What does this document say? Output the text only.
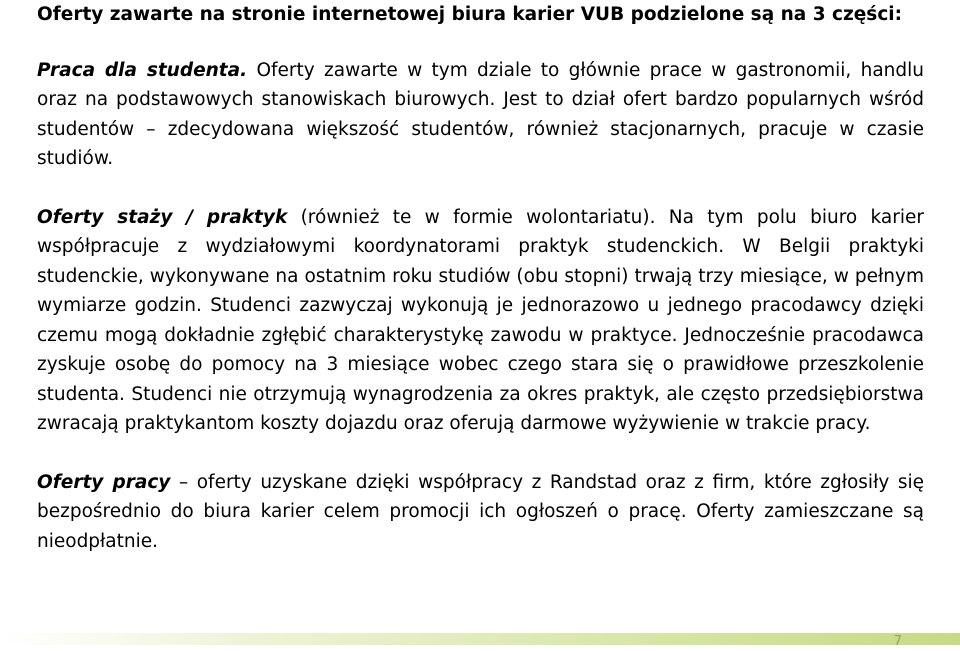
Oferty zawarte na stronie internetowej biura karier VUB podzielone są na 3 części:

Praca dla studenta. Oferty zawarte w tym dziale to głównie prace w gastronomii, handlu oraz na podstawowych stanowiskach biurowych. Jest to dział ofert bardzo popularnych wśród studentów – zdecydowana większość studentów, również stacjonarnych, pracuje w czasie studiów.

Oferty staży / praktyk (również te w formie wolontariatu). Na tym polu biuro karier współpracuje z wydziałowymi koordynatorami praktyk studenckich. W Belgii praktyki studenckie, wykonywane na ostatnim roku studiów (obu stopni) trwają trzy miesiące, w pełnym wymiarze godzin. Studenci zazwyczaj wykonują je jednorazowo u jednego pracodawcy dzięki czemu mogą dokładnie zgłębić charakterystykę zawodu w praktyce. Jednocześnie pracodawca zyskuje osobę do pomocy na 3 miesiące wobec czego stara się o prawidłowe przeszkolenie studenta. Studenci nie otrzymują wynagrodzenia za okres praktyk, ale często przedsiębiorstwa zwracają praktykantom koszty dojazdu oraz oferują darmowe wyżywienie w trakcie pracy.

Oferty pracy – oferty uzyskane dzięki współpracy z Randstad oraz z firm, które zgłosiły się bezpośrednio do biura karier celem promocji ich ogłoszeń o pracę. Oferty zamieszczane są nieodpłatnie.

7
